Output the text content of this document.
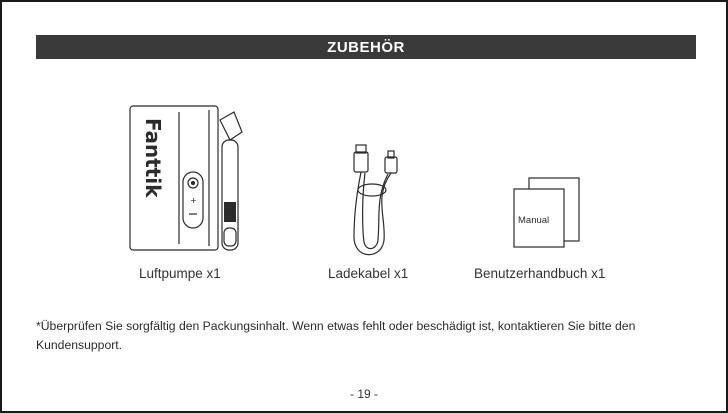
ZUBEHÖR
+
Fanttik
Manual
Luftpumpe x1	Ladekabel x1	Benutzerhandbuch x1
*Überprüfen Sie sorgfältig den Packungsinhalt. Wenn etwas fehlt oder beschädigt ist, kontaktieren Sie bitte den Kundensupport.
- 19 -
